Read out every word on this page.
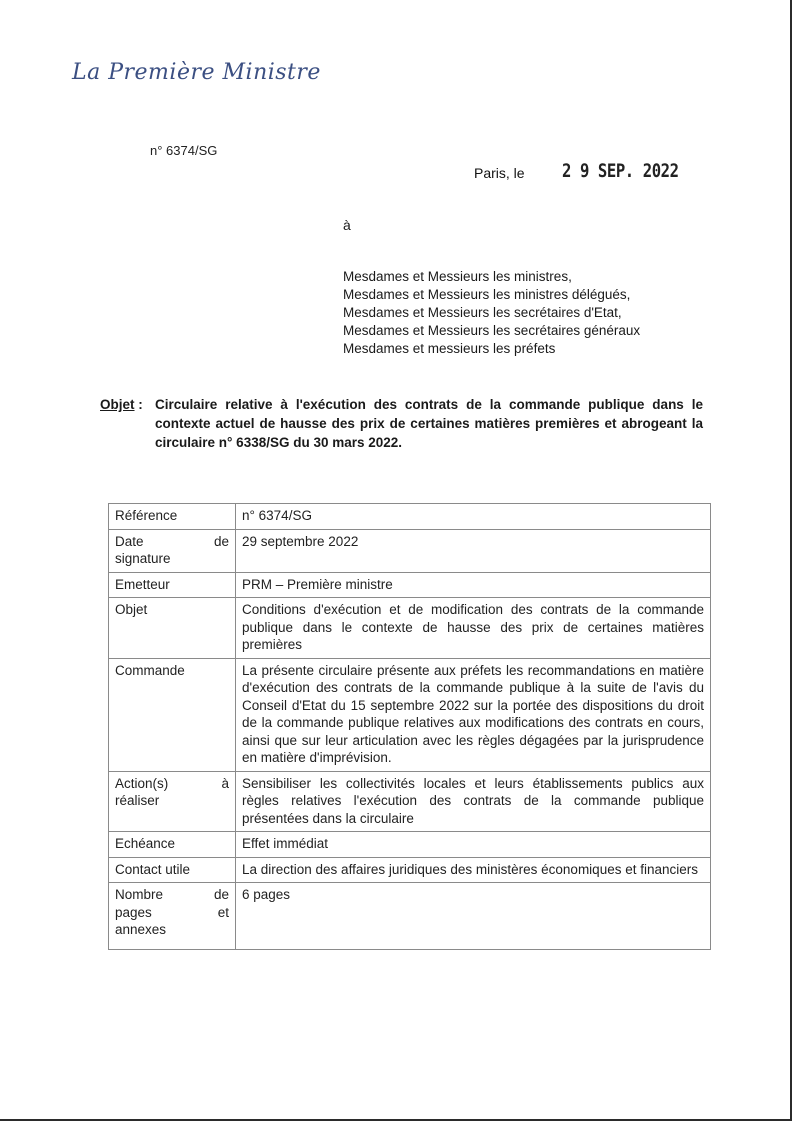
La Première Ministre
n° 6374/SG
Paris, le 2 9 SEP. 2022
à
Mesdames et Messieurs les ministres,
Mesdames et Messieurs les ministres délégués,
Mesdames et Messieurs les secrétaires d'Etat,
Mesdames et Messieurs les secrétaires généraux
Mesdames et messieurs les préfets
Objet : Circulaire relative à l'exécution des contrats de la commande publique dans le contexte actuel de hausse des prix de certaines matières premières et abrogeant la circulaire n° 6338/SG du 30 mars 2022.
Référence	n° 6374/SG

Date de
signature	29 septembre 2022
Emetteur	PRM – Première ministre
Objet	Conditions d'exécution et de modification des contrats de la commande publique dans le contexte de hausse des prix de certaines matières premières
Commande	La présente circulaire présente aux préfets les recommandations en matière d'exécution des contrats de la commande publique à la suite de l'avis du Conseil d'Etat du 15 septembre 2022 sur la portée des dispositions du droit de la commande publique relatives aux modifications des contrats en cours, ainsi que sur leur articulation avec les règles dégagées par la jurisprudence en matière d'imprévision.

Action(s) à
réaliser	Sensibiliser les collectivités locales et leurs établissements publics aux règles relatives l'exécution des contrats de la commande publique présentées dans la circulaire
Echéance	Effet immédiat
Contact utile	La direction des affaires juridiques des ministères économiques et financiers

Nombre de
pages et
annexes	6 pages
